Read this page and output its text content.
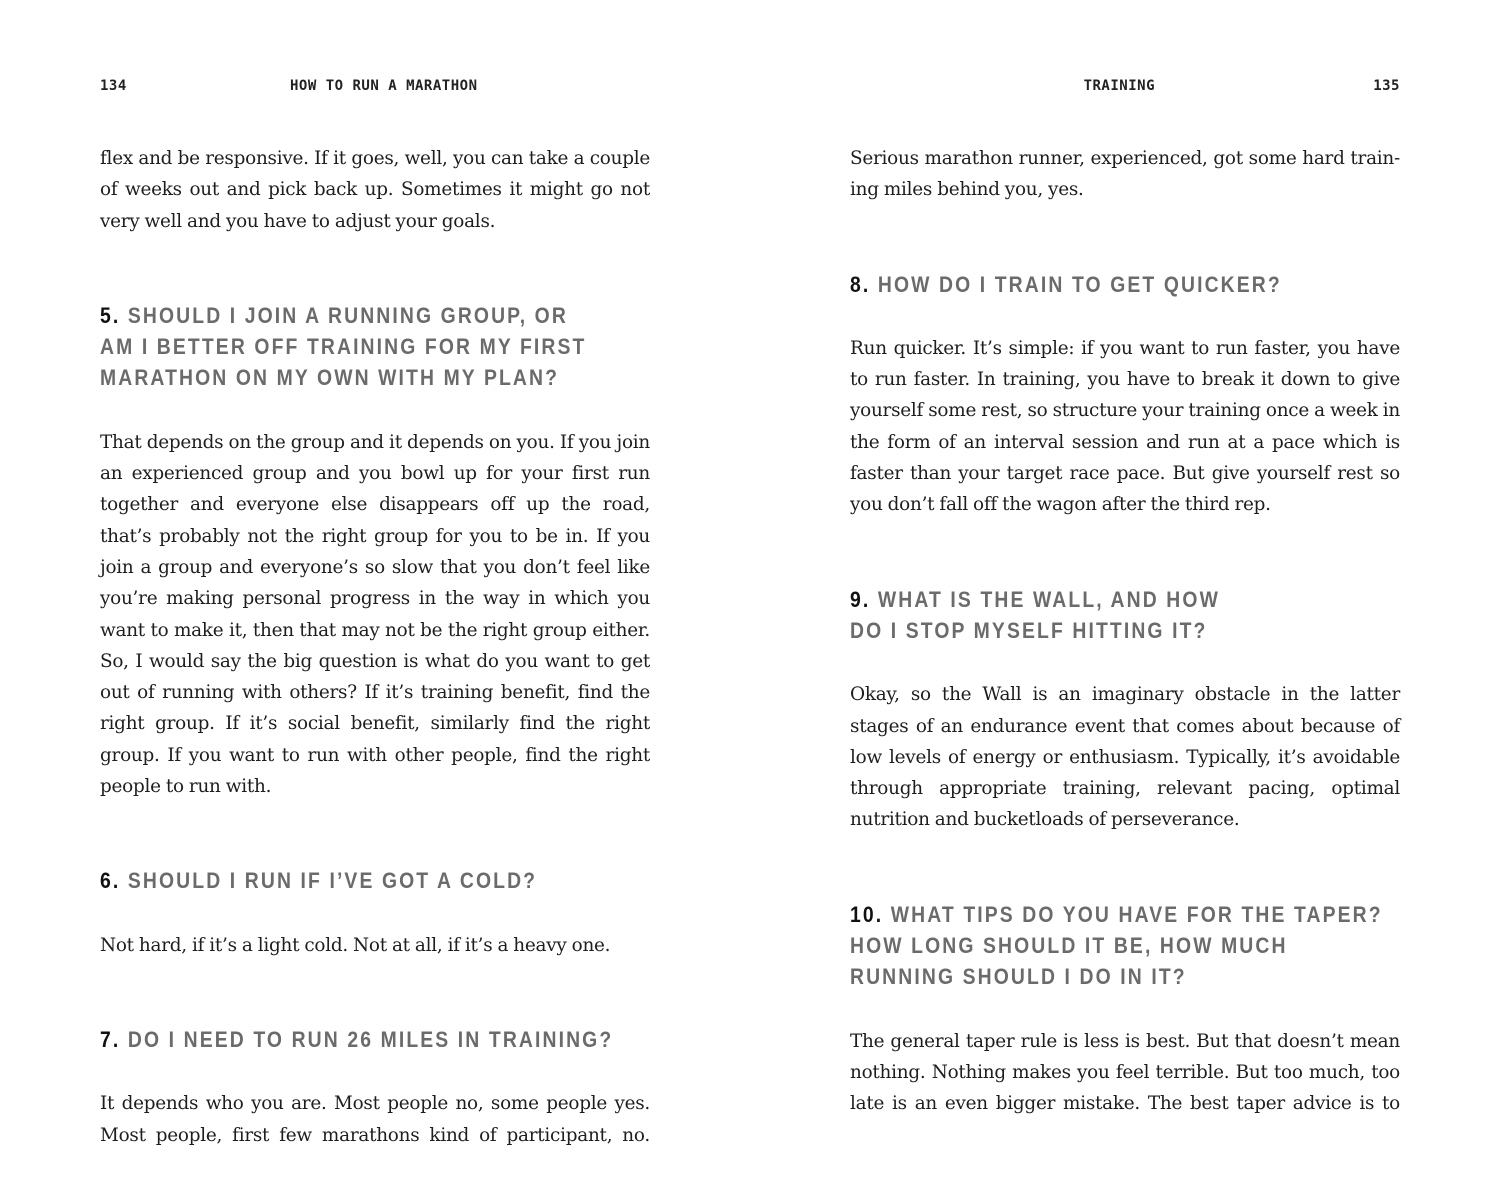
134	HOW TO RUN A MARATHON

flex and be responsive. If it goes, well, you can take a couple of weeks out and pick back up. Sometimes it might go not very well and you have to adjust your goals.

5. SHOULD I JOIN A RUNNING GROUP, OR
AM I BETTER OFF TRAINING FOR MY FIRST
MARATHON ON MY OWN WITH MY PLAN?

That depends on the group and it depends on you. If you join an experienced group and you bowl up for your first run together and everyone else disappears off up the road, that’s probably not the right group for you to be in. If you join a group and everyone’s so slow that you don’t feel like you’re making personal progress in the way in which you want to make it, then that may not be the right group either. So, I would say the big question is what do you want to get out of running with others? If it’s training benefit, find the right group. If it’s social benefit, similarly find the right group. If you want to run with other people, find the right people to run with.

6. SHOULD I RUN IF I’VE GOT A COLD?

Not hard, if it’s a light cold. Not at all, if it’s a heavy one.

7. DO I NEED TO RUN 26 MILES IN TRAINING?

It depends who you are. Most people no, some people yes. Most people, first few marathons kind of participant, no.

TRAINING	135

Serious marathon runner, experienced, got some hard train-ing miles behind you, yes.

8. HOW DO I TRAIN TO GET QUICKER?

Run quicker. It’s simple: if you want to run faster, you have to run faster. In training, you have to break it down to give yourself some rest, so structure your training once a week in the form of an interval session and run at a pace which is faster than your target race pace. But give yourself rest so you don’t fall off the wagon after the third rep.

9. WHAT IS THE WALL, AND HOW
DO I STOP MYSELF HITTING IT?

Okay, so the Wall is an imaginary obstacle in the latter stages of an endurance event that comes about because of low levels of energy or enthusiasm. Typically, it’s avoidable through appropriate training, relevant pacing, optimal nutrition and bucketloads of perseverance.

10. WHAT TIPS DO YOU HAVE FOR THE TAPER?
HOW LONG SHOULD IT BE, HOW MUCH
RUNNING SHOULD I DO IN IT?

The general taper rule is less is best. But that doesn’t mean nothing. Nothing makes you feel terrible. But too much, too late is an even bigger mistake. The best taper advice is to
